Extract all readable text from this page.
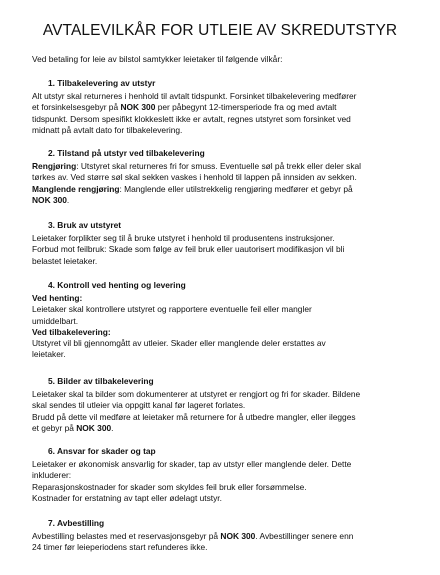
AVTALEVILKÅR FOR UTLEIE AV SKREDUTSTYR
Ved betaling for leie av bilstol samtykker leietaker til følgende vilkår:
1. Tilbakelevering av utstyr
Alt utstyr skal returneres i henhold til avtalt tidspunkt. Forsinket tilbakelevering medfører
et forsinkelsesgebyr på NOK 300 per påbegynt 12-timersperiode fra og med avtalt
tidspunkt. Dersom spesifikt klokkeslett ikke er avtalt, regnes utstyret som forsinket ved
midnatt på avtalt dato for tilbakelevering.
2. Tilstand på utstyr ved tilbakelevering
Rengjøring: Utstyret skal returneres fri for smuss. Eventuelle søl på trekk eller deler skal
tørkes av. Ved større søl skal sekken vaskes i henhold til lappen på innsiden av sekken.
Manglende rengjøring: Manglende eller utilstrekkelig rengjøring medfører et gebyr på
NOK 300.
3. Bruk av utstyret
Leietaker forplikter seg til å bruke utstyret i henhold til produsentens instruksjoner.
Forbud mot feilbruk: Skade som følge av feil bruk eller uautorisert modifikasjon vil bli
belastet leietaker.
4. Kontroll ved henting og levering
Ved henting:
Leietaker skal kontrollere utstyret og rapportere eventuelle feil eller mangler
umiddelbart.
Ved tilbakelevering:
Utstyret vil bli gjennomgått av utleier. Skader eller manglende deler erstattes av
leietaker.
5. Bilder av tilbakelevering
Leietaker skal ta bilder som dokumenterer at utstyret er rengjort og fri for skader. Bildene
skal sendes til utleier via oppgitt kanal før lageret forlates.
Brudd på dette vil medføre at leietaker må returnere for å utbedre mangler, eller ilegges
et gebyr på NOK 300.
6. Ansvar for skader og tap
Leietaker er økonomisk ansvarlig for skader, tap av utstyr eller manglende deler. Dette
inkluderer:
Reparasjonskostnader for skader som skyldes feil bruk eller forsømmelse.
Kostnader for erstatning av tapt eller ødelagt utstyr.
7. Avbestilling
Avbestilling belastes med et reservasjonsgebyr på NOK 300. Avbestillinger senere enn
24 timer før leieperiodens start refunderes ikke.
